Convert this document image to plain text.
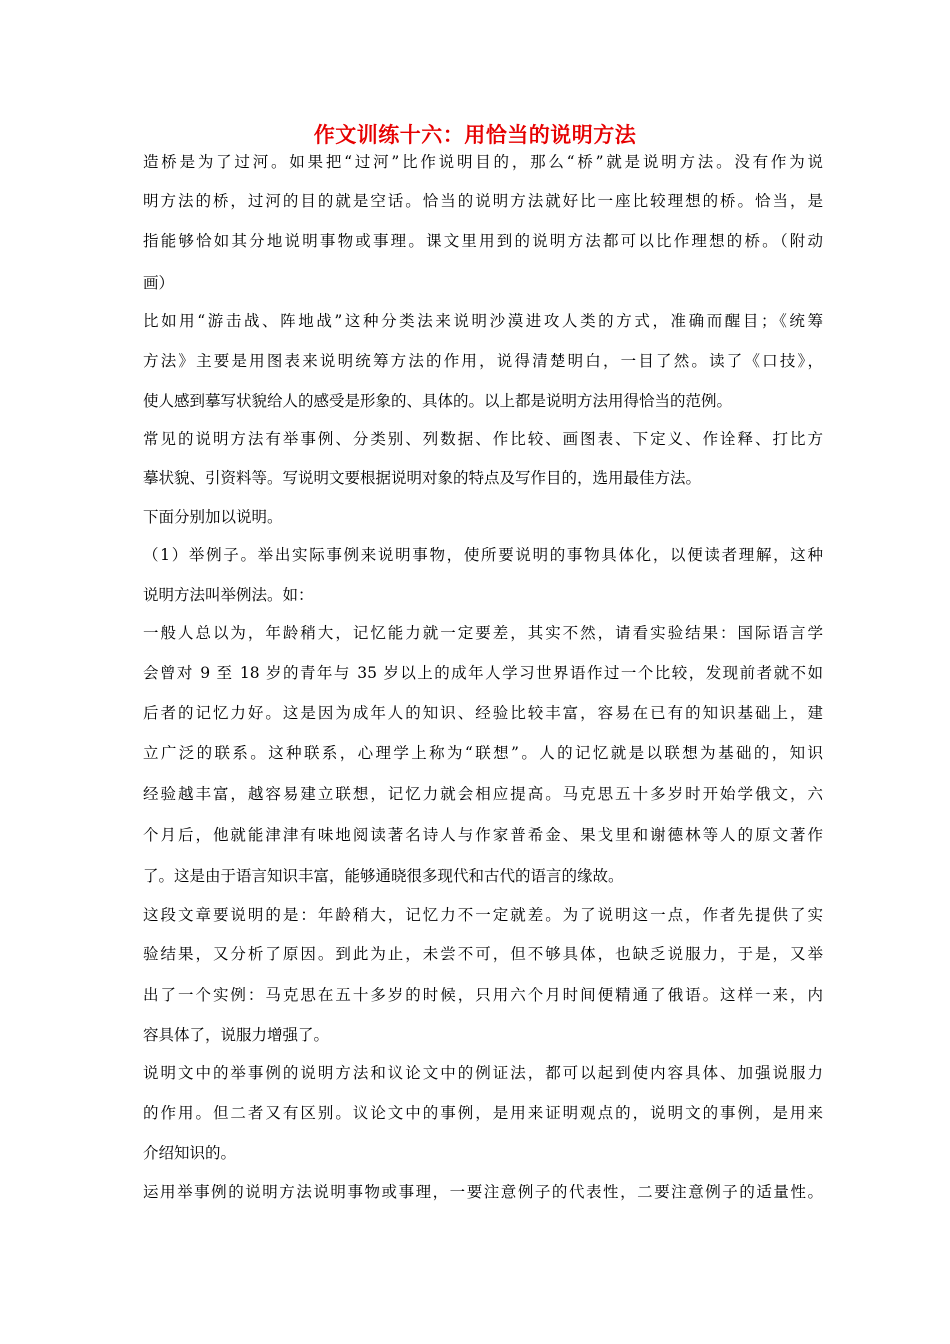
作文训练十六：用恰当的说明方法
造桥是为了过河。如果把“过河”比作说明目的，那么“桥”就是说明方法。没有作为说
明方法的桥，过河的目的就是空话。恰当的说明方法就好比一座比较理想的桥。恰当，是
指能够恰如其分地说明事物或事理。课文里用到的说明方法都可以比作理想的桥。（附动
画）
比如用“游击战、阵地战”这种分类法来说明沙漠进攻人类的方式，准确而醒目；《统筹
方法》主要是用图表来说明统筹方法的作用，说得清楚明白，一目了然。读了《口技》，
使人感到摹写状貌给人的感受是形象的、具体的。以上都是说明方法用得恰当的范例。
常见的说明方法有举事例、分类别、列数据、作比较、画图表、下定义、作诠释、打比方
摹状貌、引资料等。写说明文要根据说明对象的特点及写作目的，选用最佳方法。
下面分别加以说明。
（1）举例子。举出实际事例来说明事物，使所要说明的事物具体化，以便读者理解，这种
说明方法叫举例法。如：
一般人总以为，年龄稍大，记忆能力就一定要差，其实不然，请看实验结果：国际语言学
会曾对 9 至 18 岁的青年与 35 岁以上的成年人学习世界语作过一个比较，发现前者就不如
后者的记忆力好。这是因为成年人的知识、经验比较丰富，容易在已有的知识基础上，建
立广泛的联系。这种联系，心理学上称为“联想”。人的记忆就是以联想为基础的，知识
经验越丰富，越容易建立联想，记忆力就会相应提高。马克思五十多岁时开始学俄文，六
个月后，他就能津津有味地阅读著名诗人与作家普希金、果戈里和谢德林等人的原文著作
了。这是由于语言知识丰富，能够通晓很多现代和古代的语言的缘故。
这段文章要说明的是：年龄稍大，记忆力不一定就差。为了说明这一点，作者先提供了实
验结果，又分析了原因。到此为止，未尝不可，但不够具体，也缺乏说服力，于是，又举
出了一个实例：马克思在五十多岁的时候，只用六个月时间便精通了俄语。这样一来，内
容具体了，说服力增强了。
说明文中的举事例的说明方法和议论文中的例证法，都可以起到使内容具体、加强说服力
的作用。但二者又有区别。议论文中的事例，是用来证明观点的，说明文的事例，是用来
介绍知识的。
运用举事例的说明方法说明事物或事理，一要注意例子的代表性，二要注意例子的适量性。
